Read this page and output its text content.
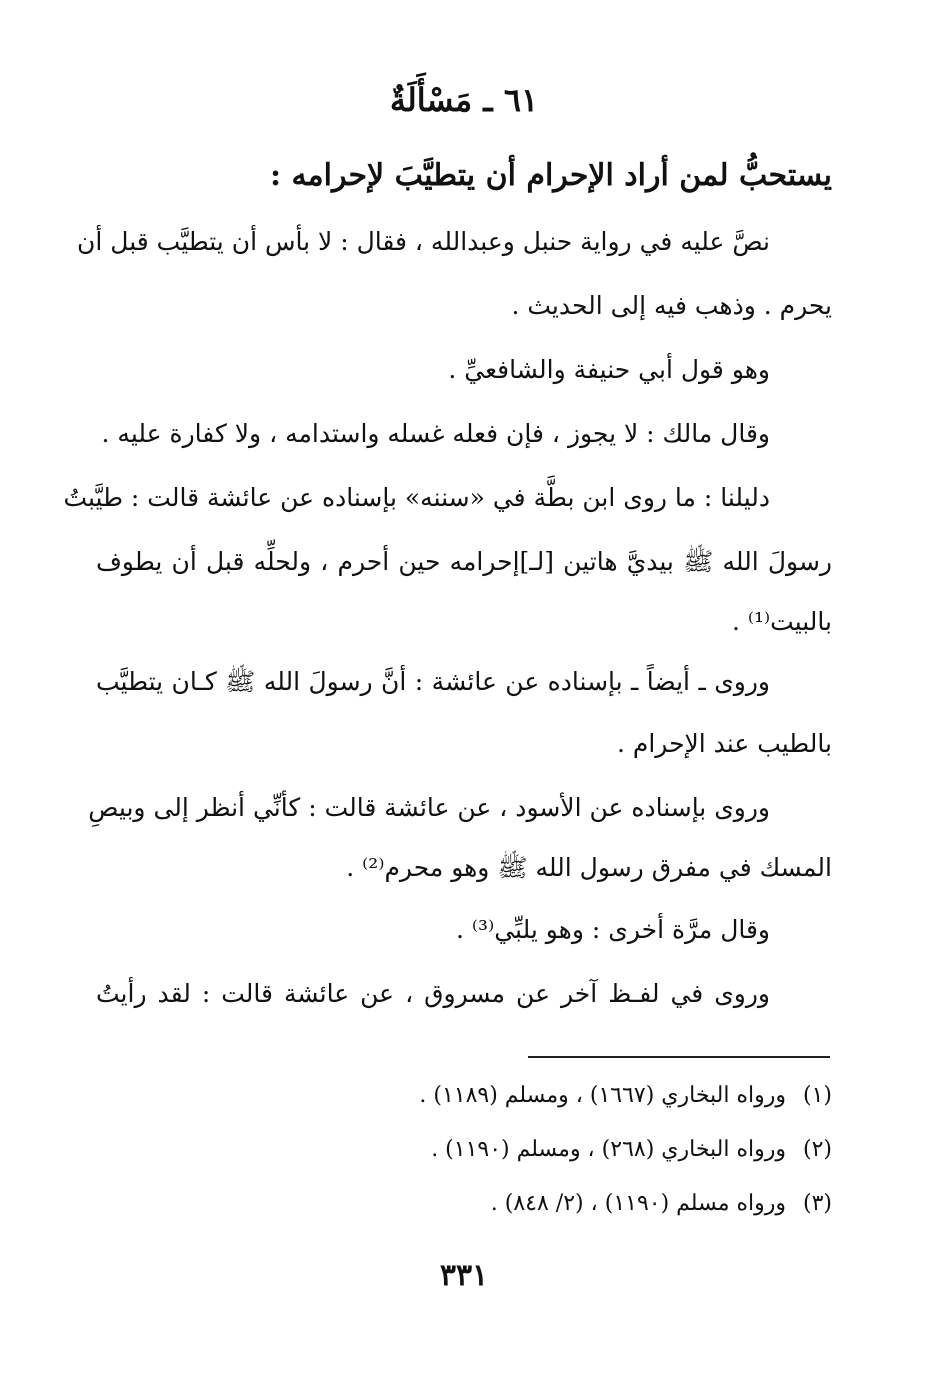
٦١ ـ مَسْأَلَةٌ
يستحبُّ لمن أراد الإحرام أن يتطيَّبَ لإحرامه :
نصَّ عليه في رواية حنبل وعبدالله ، فقال : لا بأس أن يتطيَّب قبل أن
يحرم . وذهب فيه إلى الحديث .
وهو قول أبي حنيفة والشافعيِّ .
وقال مالك : لا يجوز ، فإن فعله غسله واستدامه ، ولا كفارة عليه .
دليلنا : ما روى ابن بطَّة في «سننه» بإسناده عن عائشة قالت : طيَّبتُ
رسولَ الله ﷺ بيديَّ هاتين [لـ]إحرامه حين أحرم ، ولحلِّه قبل أن يطوف
بالبيت⁽¹⁾ .
وروى ـ أيضاً ـ بإسناده عن عائشة : أنَّ رسولَ الله ﷺ كـان يتطيَّب
بالطيب عند الإحرام .
وروى بإسناده عن الأسود ، عن عائشة قالت : كأنِّي أنظر إلى وبيصِ
المسك في مفرق رسول الله ﷺ وهو محرم⁽²⁾ .
وقال مرَّة أخرى : وهو يلبِّي⁽³⁾ .
وروى في لفـظ آخر عن مسروق ، عن عائشة قالت : لقد رأيتُ
(١)ورواه البخاري (١٦٦٧) ، ومسلم (١١٨٩) .
(٢)ورواه البخاري (٢٦٨) ، ومسلم (١١٩٠) .
(٣)ورواه مسلم (١١٩٠) ، (٢/ ٨٤٨) .
٣٣١
